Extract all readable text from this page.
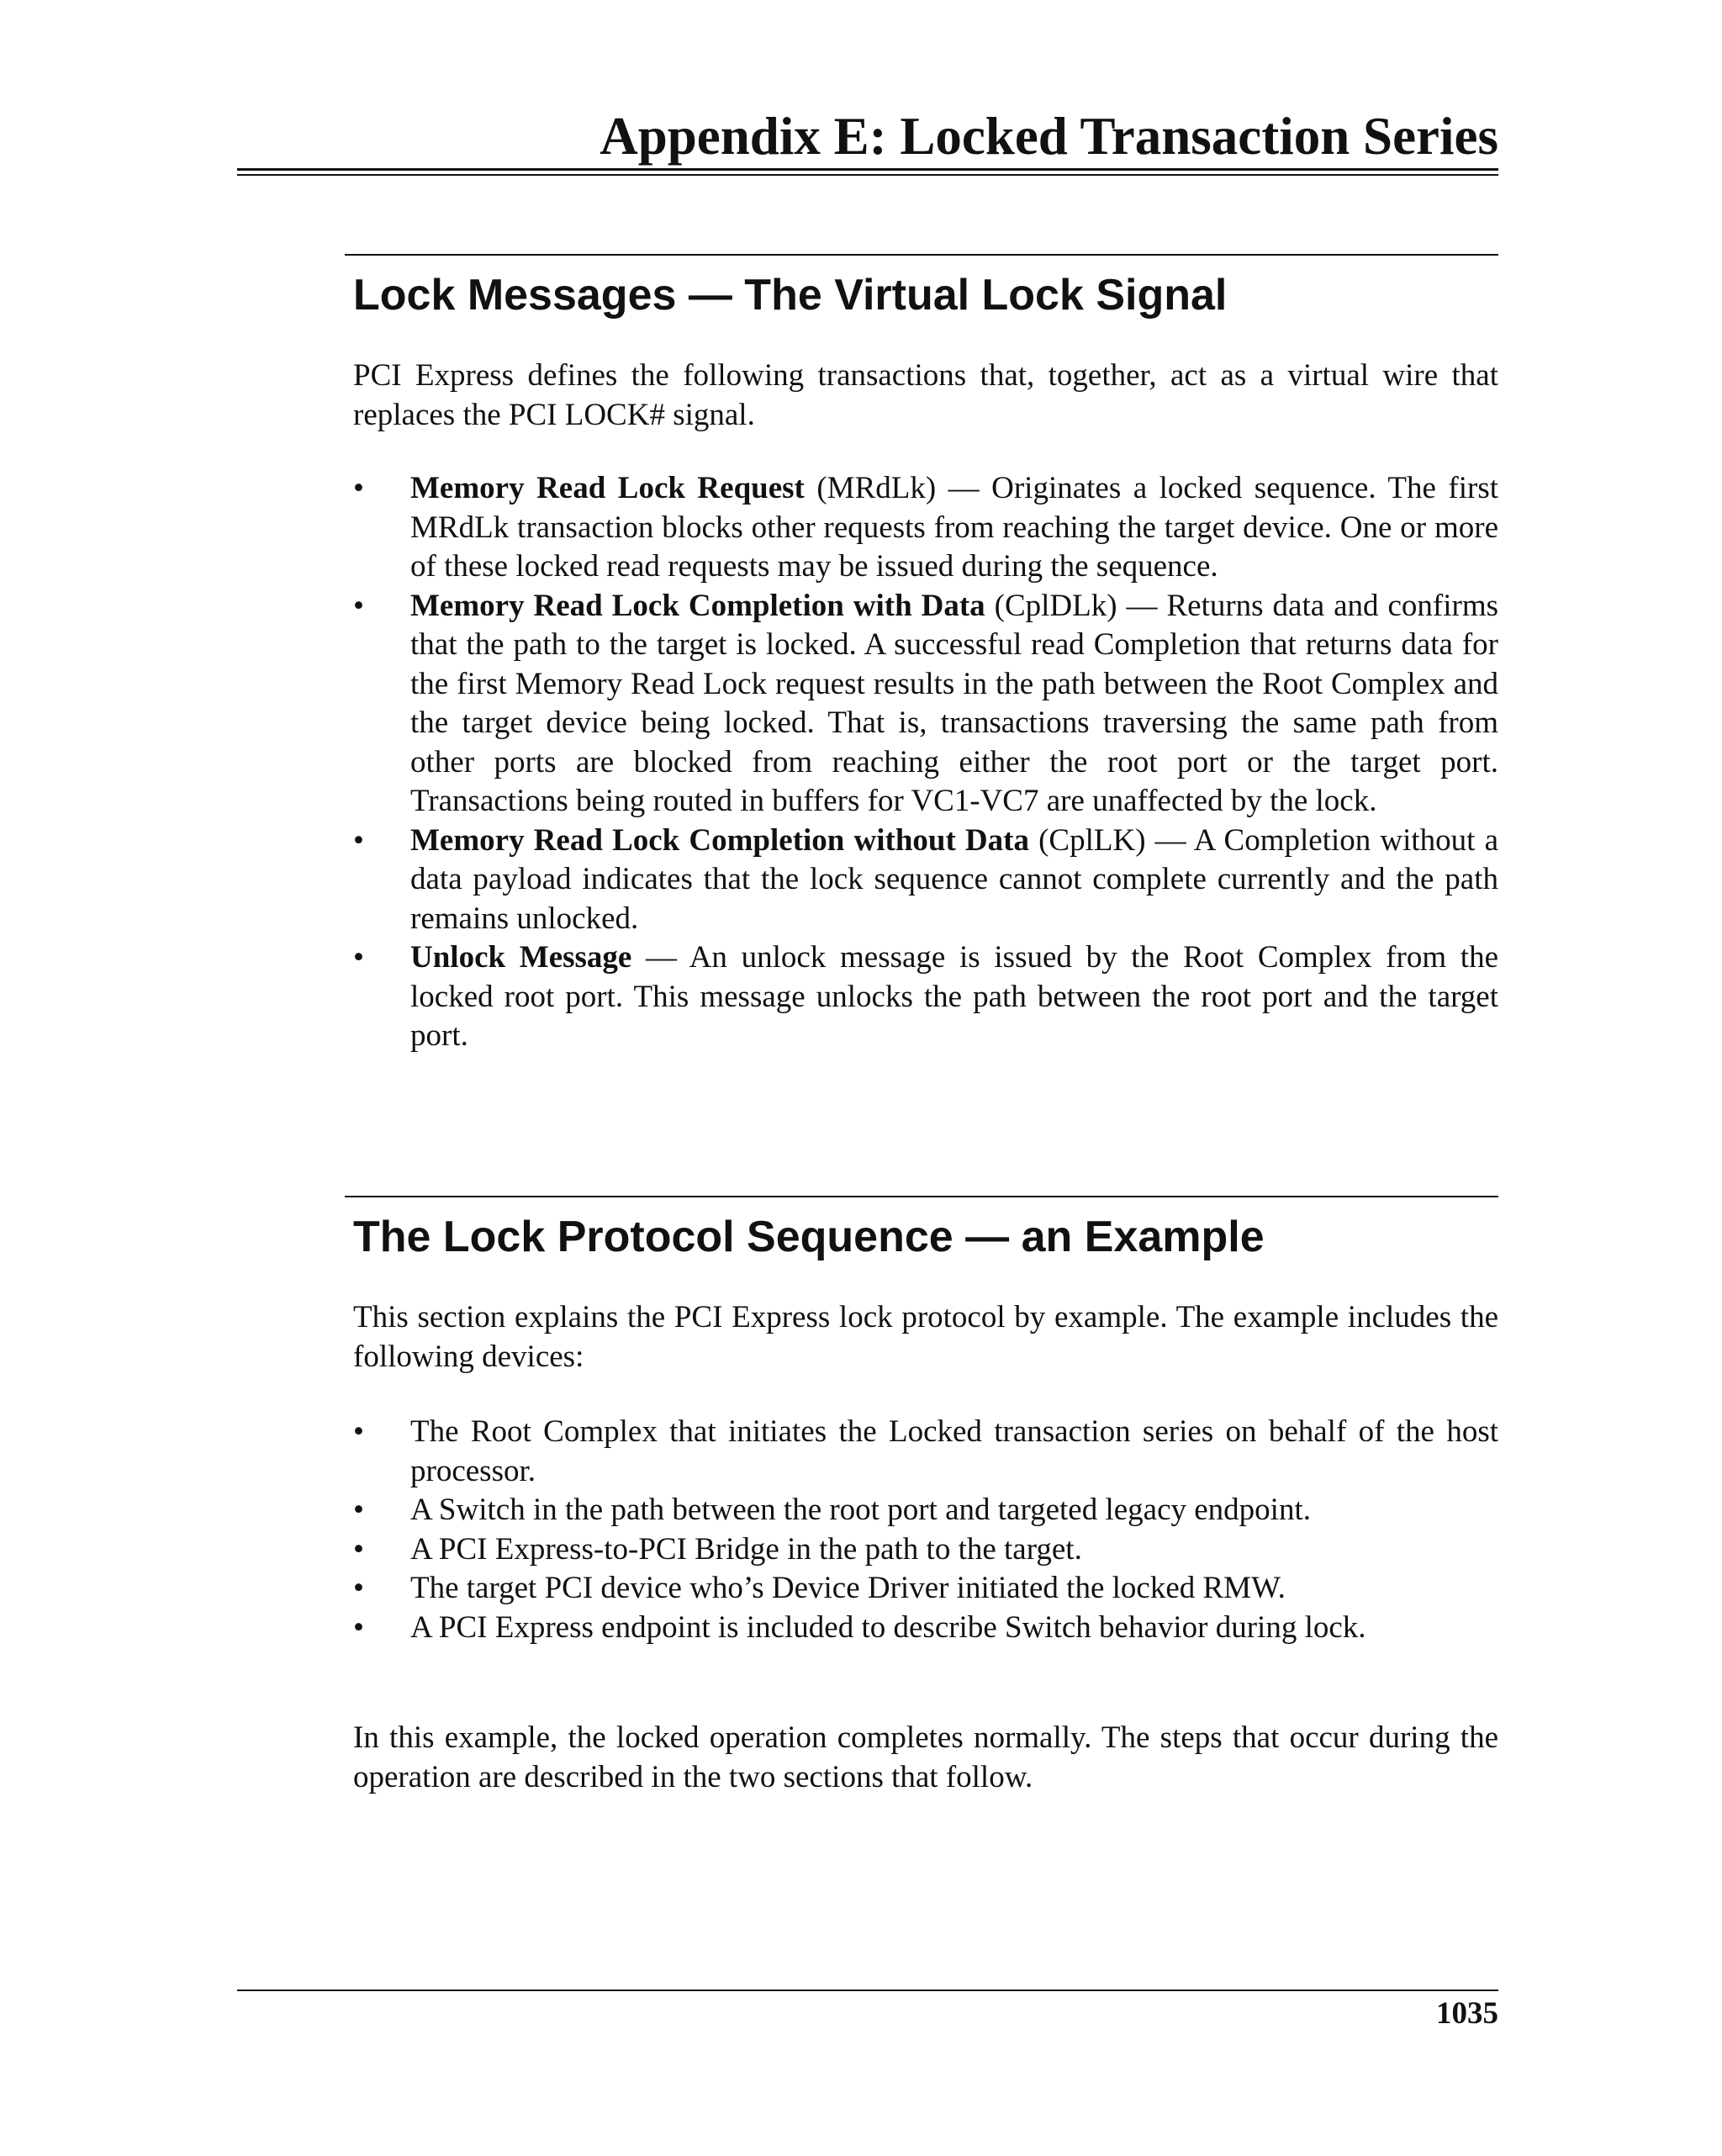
Appendix E: Locked Transaction Series
Lock Messages — The Virtual Lock Signal

PCI Express defines the following transactions that, together, act as a virtual wire that replaces the PCI LOCK# signal.

• Memory Read Lock Request (MRdLk) — Originates a locked sequence. The first MRdLk transaction blocks other requests from reaching the target device. One or more of these locked read requests may be issued during the sequence.
• Memory Read Lock Completion with Data (CplDLk) — Returns data and confirms that the path to the target is locked. A successful read Completion that returns data for the first Memory Read Lock request results in the path between the Root Complex and the target device being locked. That is, transactions traversing the same path from other ports are blocked from reaching either the root port or the target port. Transactions being routed in buffers for VC1-VC7 are unaffected by the lock.
• Memory Read Lock Completion without Data (CplLK) — A Completion without a data payload indicates that the lock sequence cannot complete currently and the path remains unlocked.
• Unlock Message — An unlock message is issued by the Root Complex from the locked root port. This message unlocks the path between the root port and the target port.
The Lock Protocol Sequence — an Example

This section explains the PCI Express lock protocol by example. The example includes the following devices:

• The Root Complex that initiates the Locked transaction series on behalf of the host processor.
• A Switch in the path between the root port and targeted legacy endpoint.
• A PCI Express-to-PCI Bridge in the path to the target.
• The target PCI device who’s Device Driver initiated the locked RMW.
• A PCI Express endpoint is included to describe Switch behavior during lock.

In this example, the locked operation completes normally. The steps that occur during the operation are described in the two sections that follow.

1035
